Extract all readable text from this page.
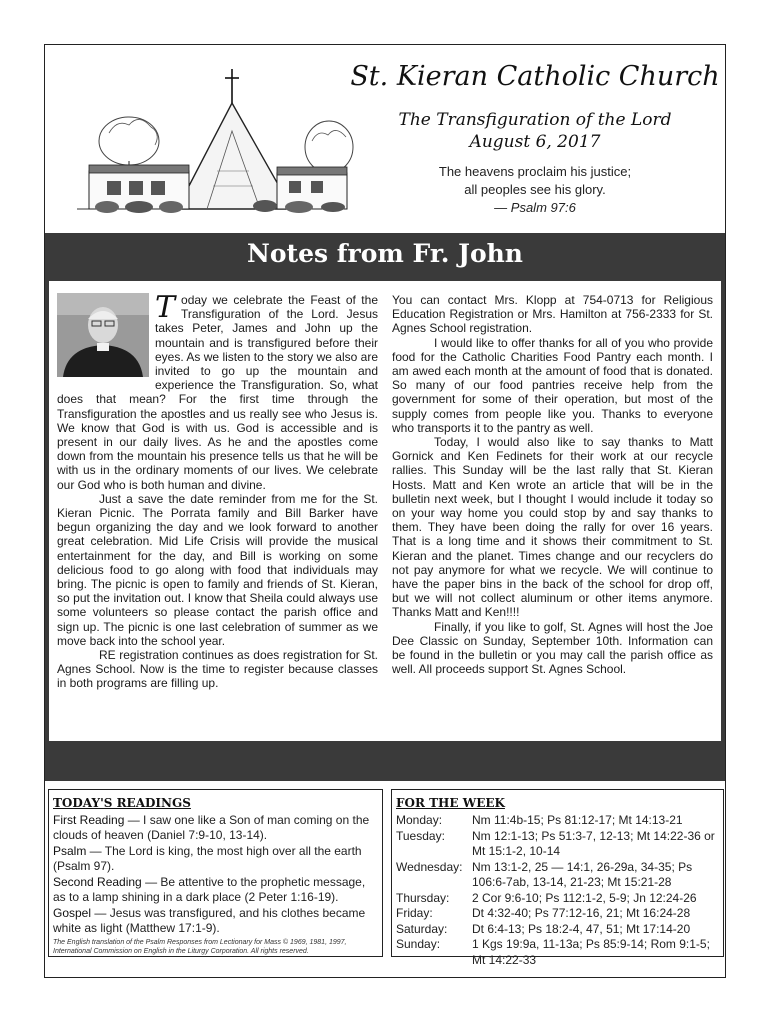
St. Kieran Catholic Church
The Transfiguration of the Lord
August 6, 2017
The heavens proclaim his justice;
all peoples see his glory.
— Psalm 97:6
Notes from Fr. John

Today we celebrate the Feast of the Transfiguration of the Lord. Jesus takes Peter, James and John up the mountain and is transfigured before their eyes. As we listen to the story we also are invited to go up the mountain and experience the Transfiguration. So, what does that mean? For the first time through the Transfiguration the apostles and us really see who Jesus is. We know that God is with us. God is accessible and is present in our daily lives. As he and the apostles come down from the mountain his presence tells us that he will be with us in the ordinary moments of our lives. We celebrate our God who is both human and divine.

Just a save the date reminder from me for the St. Kieran Picnic. The Porrata family and Bill Barker have begun organizing the day and we look forward to another great celebration. Mid Life Crisis will provide the musical entertainment for the day, and Bill is working on some delicious food to go along with food that individuals may bring. The picnic is open to family and friends of St. Kieran, so put the invitation out. I know that Sheila could always use some volunteers so please contact the parish office and sign up. The picnic is one last celebration of summer as we move back into the school year.

RE registration continues as does registration for St. Agnes School. Now is the time to register because classes in both programs are filling up.

You can contact Mrs. Klopp at 754-0713 for Religious Education Registration or Mrs. Hamilton at 756-2333 for St. Agnes School registration.

I would like to offer thanks for all of you who provide food for the Catholic Charities Food Pantry each month. I am awed each month at the amount of food that is donated. So many of our food pantries receive help from the government for some of their operation, but most of the supply comes from people like you. Thanks to everyone who transports it to the pantry as well.

Today, I would also like to say thanks to Matt Gornick and Ken Fedinets for their work at our recycle rallies. This Sunday will be the last rally that St. Kieran Hosts. Matt and Ken wrote an article that will be in the bulletin next week, but I thought I would include it today so on your way home you could stop by and say thanks to them. They have been doing the rally for over 16 years. That is a long time and it shows their commitment to St. Kieran and the planet. Times change and our recyclers do not pay anymore for what we recycle. We will continue to have the paper bins in the back of the school for drop off, but we will not collect aluminum or other items anymore. Thanks Matt and Ken!!!!

Finally, if you like to golf, St. Agnes will host the Joe Dee Classic on Sunday, September 10th. Information can be found in the bulletin or you may call the parish office as well. All proceeds support St. Agnes School.

TODAY'S READINGS
First Reading — I saw one like a Son of man coming on the clouds of heaven (Daniel 7:9-10, 13-14).
Psalm — The Lord is king, the most high over all the earth (Psalm 97).
Second Reading — Be attentive to the prophetic message, as to a lamp shining in a dark place (2 Peter 1:16-19).
Gospel — Jesus was transfigured, and his clothes became white as light (Matthew 17:1-9).
The English translation of the Psalm Responses from Lectionary for Mass © 1969, 1981, 1997, International Commission on English in the Liturgy Corporation. All rights reserved.
FOR THE WEEK
Monday:	Nm 11:4b-15; Ps 81:12-17; Mt 14:13-21
Tuesday:	Nm 12:1-13; Ps 51:3-7, 12-13; Mt 14:22-36 or Mt 15:1-2, 10-14
Wednesday: Nm 13:1-2, 25 — 14:1, 26-29a, 34-35; Ps 106:6-7ab, 13-14, 21-23; Mt 15:21-28
Thursday:	2 Cor 9:6-10; Ps 112:1-2, 5-9; Jn 12:24-26
Friday:	Dt 4:32-40; Ps 77:12-16, 21; Mt 16:24-28
Saturday:	Dt 6:4-13; Ps 18:2-4, 47, 51; Mt 17:14-20
Sunday:	1 Kgs 19:9a, 11-13a; Ps 85:9-14; Rom 9:1-5; Mt 14:22-33
